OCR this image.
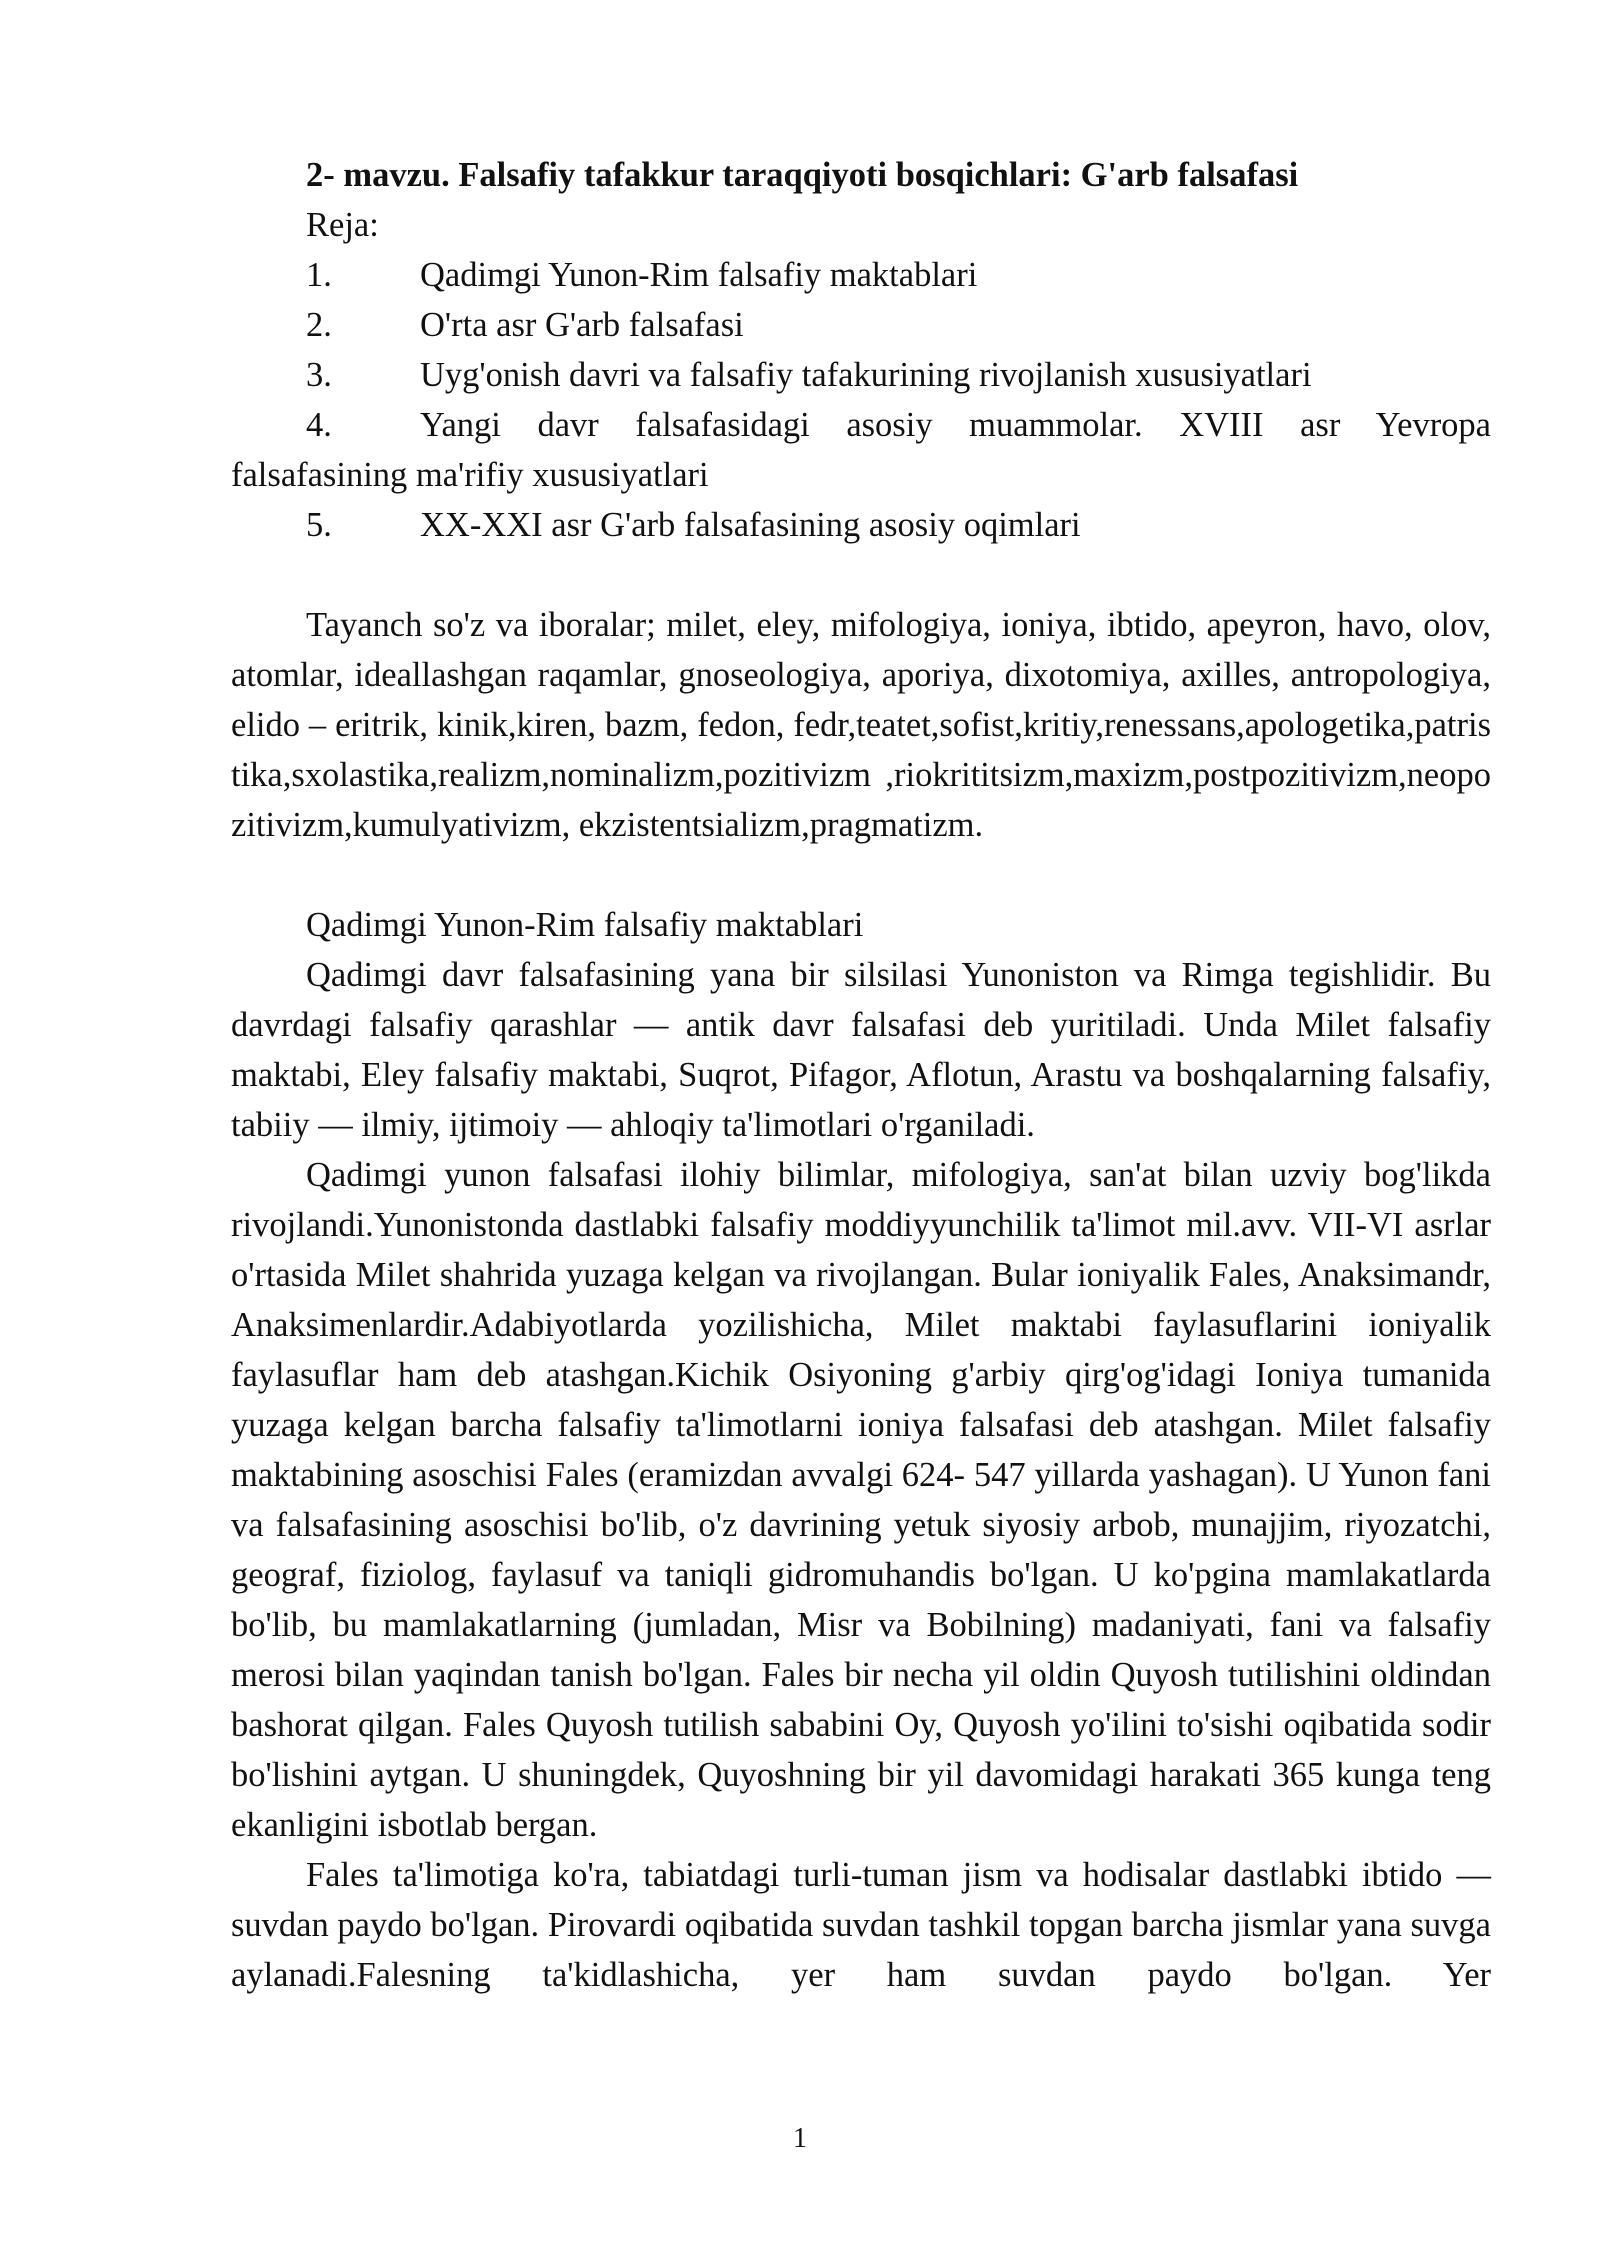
2- mavzu. Falsafiy tafakkur taraqqiyoti bosqichlari: G'arb falsafasi
Reja:
1.	Qadimgi Yunon-Rim falsafiy maktablari
2.	O'rta asr G'arb falsafasi
3.	Uyg'onish davri va falsafiy tafakurining rivojlanish xususiyatlari
4.	Yangi davr falsafasidagi asosiy muammolar. XVIII asr Yevropa
falsafasining ma'rifiy xususiyatlari
5.	XX-XXI asr G'arb falsafasining asosiy oqimlari
Tayanch so'z va iboralar; milet, eley, mifologiya, ioniya, ibtido, apeyron, havo, olov, atomlar, ideallashgan raqamlar, gnoseologiya, aporiya, dixotomiya, axilles, antropologiya, elido – eritrik, kinik,kiren, bazm, fedon, fedr,teatet,sofist,kritiy,renessans,apologetika,patristika,sxolastika,realizm,nominalizm,pozitivizm ,riokrititsizm,maxizm,postpozitivizm,neopozitivizm,kumulyativizm, ekzistentsializm,pragmatizm.
Qadimgi Yunon-Rim falsafiy maktablari
Qadimgi davr falsafasining yana bir silsilasi Yunoniston va Rimga tegishlidir. Bu davrdagi falsafiy qarashlar — antik davr falsafasi deb yuritiladi. Unda Milet falsafiy maktabi, Eley falsafiy maktabi, Suqrot, Pifagor, Aflotun, Arastu va boshqalarning falsafiy, tabiiy — ilmiy, ijtimoiy — ahloqiy ta'limotlari o'rganiladi.
Qadimgi yunon falsafasi ilohiy bilimlar, mifologiya, san'at bilan uzviy bog'likda rivojlandi.Yunonistonda dastlabki falsafiy moddiyyunchilik ta'limot mil.avv. VII-VI asrlar o'rtasida Milet shahrida yuzaga kelgan va rivojlangan. Bular ioniyalik Fales, Anaksimandr, Anaksimenlardir.Adabiyotlarda yozilishicha, Milet maktabi faylasuflarini ioniyalik faylasuflar ham deb atashgan.Kichik Osiyoning g'arbiy qirg'og'idagi Ioniya tumanida yuzaga kelgan barcha falsafiy ta'limotlarni ioniya falsafasi deb atashgan. Milet falsafiy maktabining asoschisi Fales (eramizdan avvalgi 624- 547 yillarda yashagan). U Yunon fani va falsafasining asoschisi bo'lib, o'z davrining yetuk siyosiy arbob, munajjim, riyozatchi, geograf, fiziolog, faylasuf va taniqli gidromuhandis bo'lgan. U ko'pgina mamlakatlarda bo'lib, bu mamlakatlarning (jumladan, Misr va Bobilning) madaniyati, fani va falsafiy merosi bilan yaqindan tanish bo'lgan. Fales bir necha yil oldin Quyosh tutilishini oldindan bashorat qilgan. Fales Quyosh tutilish sababini Oy, Quyosh yo'ilini to'sishi oqibatida sodir bo'lishini aytgan. U shuningdek, Quyoshning bir yil davomidagi harakati 365 kunga teng ekanligini isbotlab bergan.
Fales ta'limotiga ko'ra, tabiatdagi turli-tuman jism va hodisalar dastlabki ibtido — suvdan paydo bo'lgan. Pirovardi oqibatida suvdan tashkil topgan barcha jismlar yana suvga aylanadi.Falesning ta'kidlashicha, yer ham suvdan paydo bo'lgan. Yer
1
